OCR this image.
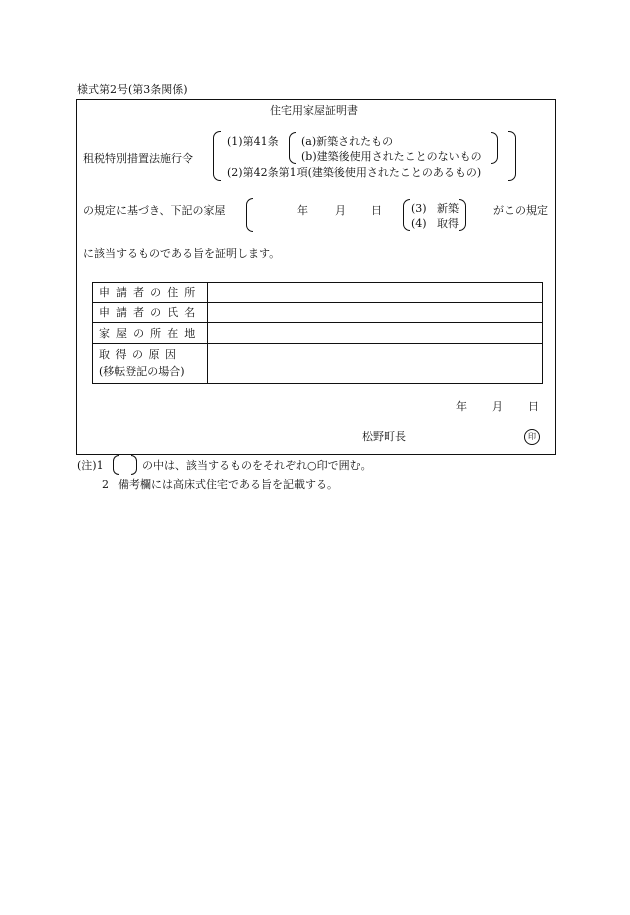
様式第2号(第3条関係)
住宅用家屋証明書
租税特別措置法施行令
(1)第41条 (a)新築されたもの
(b)建築後使用されたことのないもの
(2)第42条第1項(建築後使用されたことのあるもの)
の規定に基づき、下記の家屋	年 月 日	(3) 新築
(4) 取得
がこの規定
に該当するものである旨を証明します。
申請者の住所	
申請者の氏名	
家屋の所在地	
取得の原因
(移転登記の場合)	

年 月 日
松野町長	印
(注)1	の中は、該当するものをそれぞれ○印で囲む。
2 備考欄には高床式住宅である旨を記載する。
